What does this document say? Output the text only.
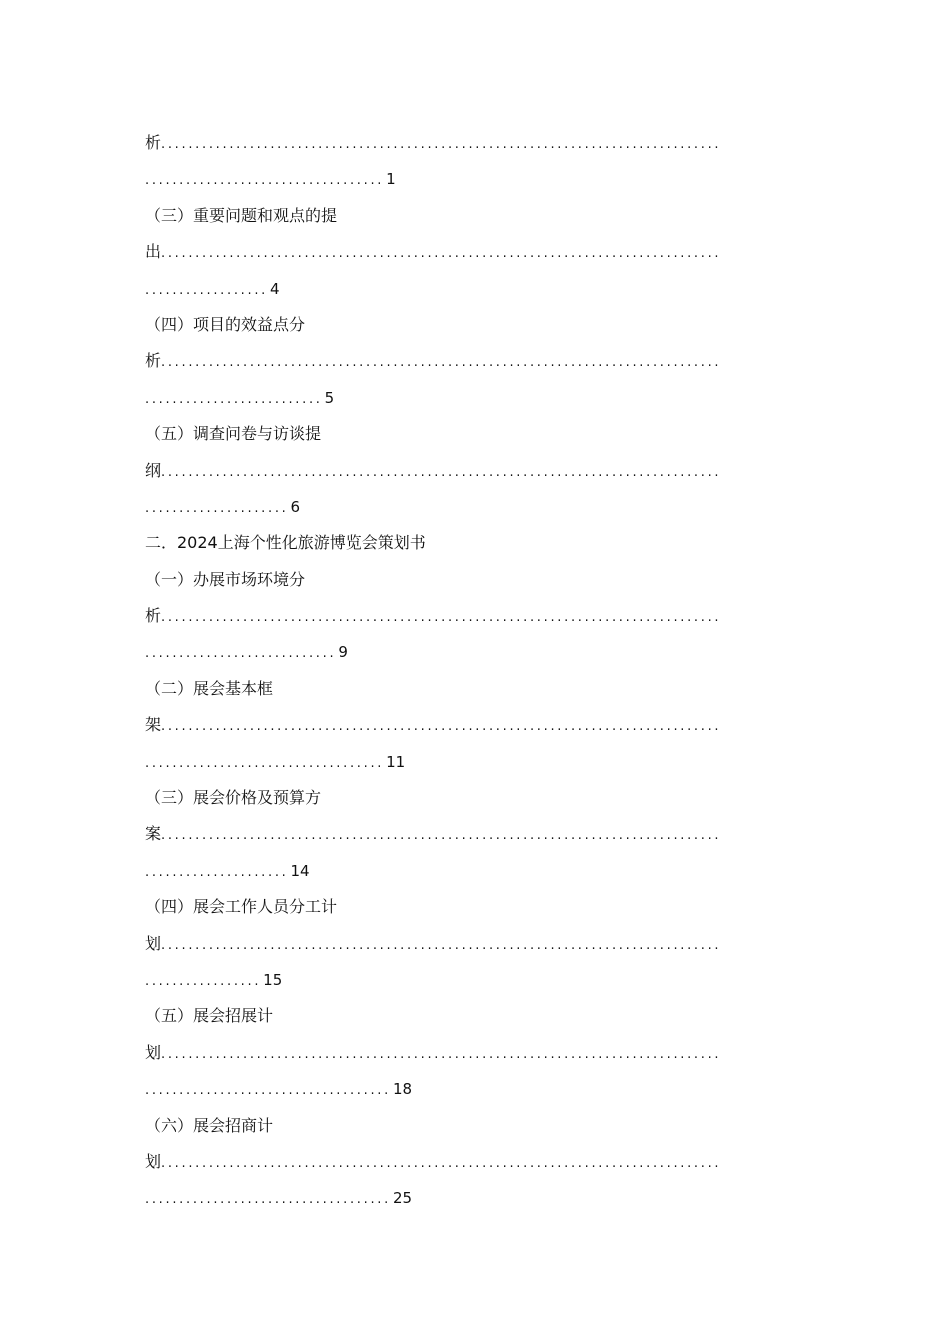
析..................................................................................
................................... 1
（三）重要问题和观点的提
出..................................................................................
.................. 4
（四）项目的效益点分
析..................................................................................
.......................... 5
（五）调查问卷与访谈提
纲..................................................................................
..................... 6
二．2024上海个性化旅游博览会策划书
（一）办展市场环境分
析..................................................................................
............................ 9
（二）展会基本框
架..................................................................................
................................... 11
（三）展会价格及预算方
案..................................................................................
..................... 14
（四）展会工作人员分工计
划..................................................................................
................. 15
（五）展会招展计
划..................................................................................
.................................... 18
（六）展会招商计
划..................................................................................
.................................... 25
